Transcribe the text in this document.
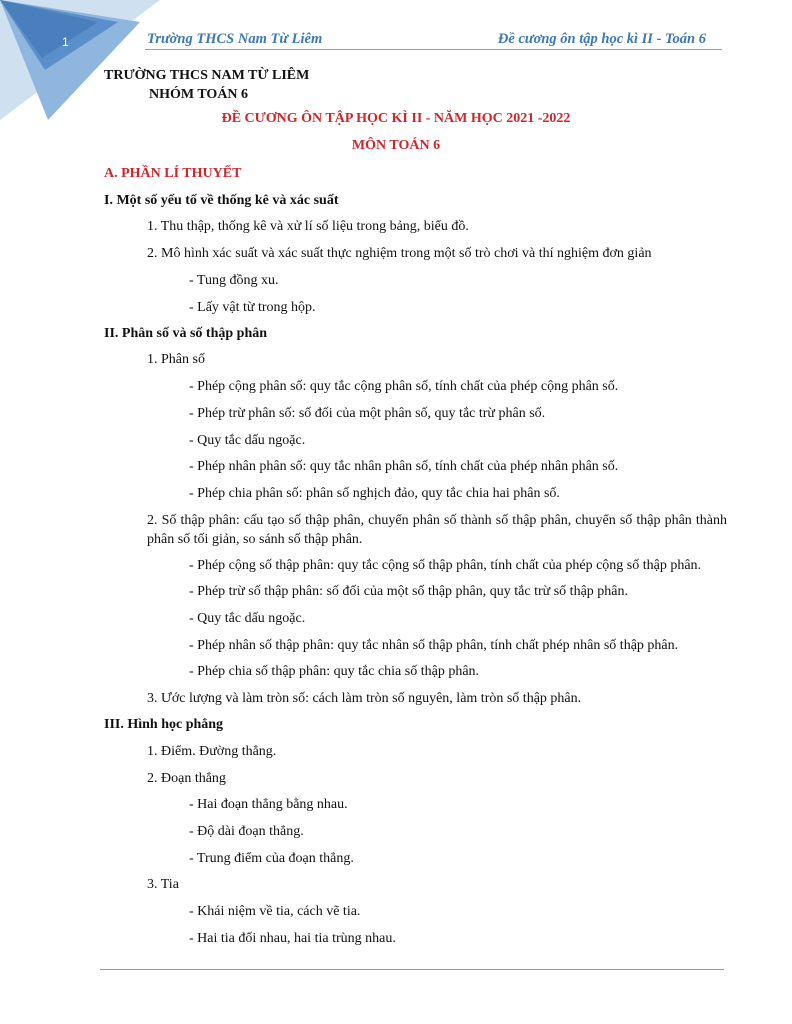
1	Trường THCS Nam Từ Liêm	Đề cương ôn tập học kì II - Toán 6
TRƯỜNG THCS NAM TỪ LIÊM
NHÓM TOÁN 6
ĐỀ CƯƠNG ÔN TẬP HỌC KÌ II - NĂM HỌC 2021 -2022
MÔN TOÁN 6
A. PHẦN LÍ THUYẾT
I. Một số yếu tố về thống kê và xác suất
1. Thu thập, thống kê và xử lí số liệu trong bảng, biểu đồ.
2. Mô hình xác suất và xác suất thực nghiệm trong một số trò chơi và thí nghiệm đơn giản
- Tung đồng xu.
- Lấy vật từ trong hộp.
II. Phân số và số thập phân
1. Phân số
- Phép cộng phân số: quy tắc cộng phân số, tính chất của phép cộng phân số.
- Phép trừ phân số: số đối của một phân số, quy tắc trừ phân số.
- Quy tắc dấu ngoặc.
- Phép nhân phân số: quy tắc nhân phân số, tính chất của phép nhân phân số.
- Phép chia phân số: phân số nghịch đảo, quy tắc chia hai phân số.
2. Số thập phân: cấu tạo số thập phân, chuyển phân số thành số thập phân, chuyển số thập phân thành phân số tối giản, so sánh số thập phân.
- Phép cộng số thập phân: quy tắc cộng số thập phân, tính chất của phép cộng số thập phân.
- Phép trừ số thập phân: số đối của một số thập phân, quy tắc trừ số thập phân.
- Quy tắc dấu ngoặc.
- Phép nhân số thập phân: quy tắc nhân số thập phân, tính chất phép nhân số thập phân.
- Phép chia số thập phân: quy tắc chia số thập phân.
3. Ước lượng và làm tròn số: cách làm tròn số nguyên, làm tròn số thập phân.
III. Hình học phẳng
1. Điểm. Đường thẳng.
2. Đoạn thẳng
- Hai đoạn thẳng bằng nhau.
- Độ dài đoạn thẳng.
- Trung điểm của đoạn thẳng.
3. Tia
- Khái niệm về tia, cách vẽ tia.
- Hai tia đối nhau, hai tia trùng nhau.
